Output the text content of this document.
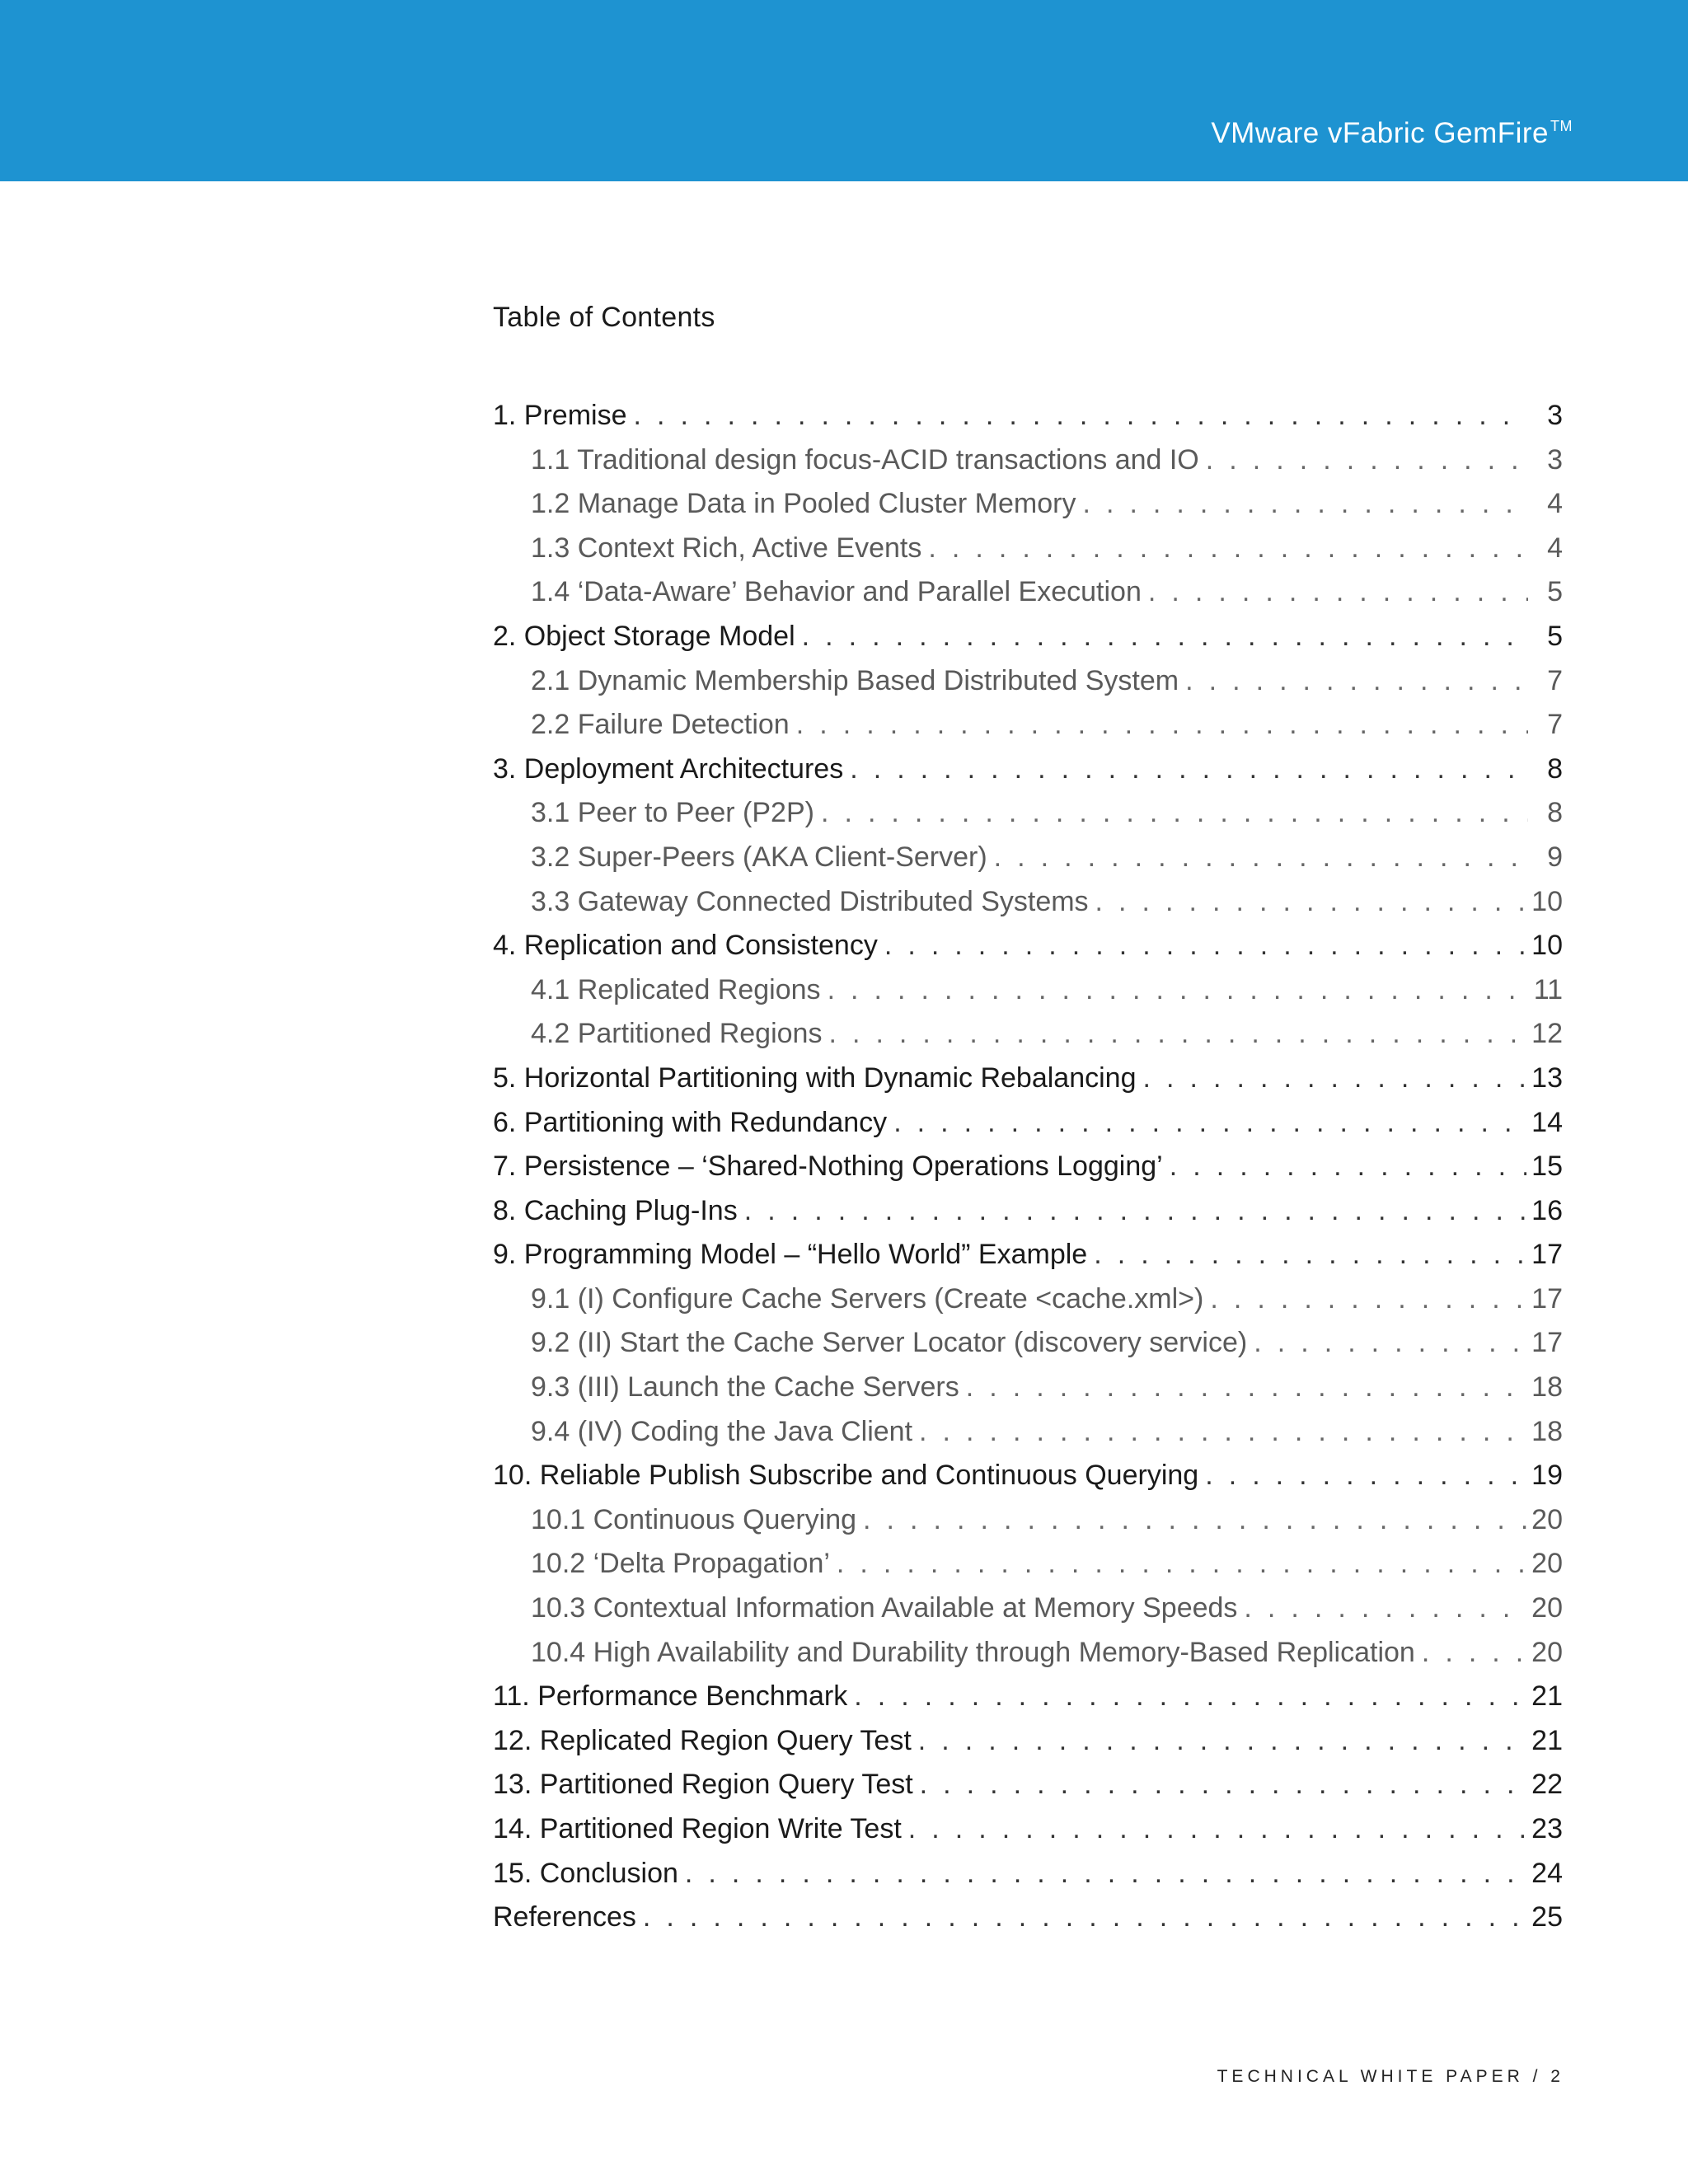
VMware vFabric GemFire ™
Table of Contents
1. Premise . . .	3
1.1 Traditional design focus-ACID transactions and IO . . .	3
1.2 Manage Data in Pooled Cluster Memory . . .	4
1.3 Context Rich, Active Events . . .	4
1.4 ‘Data-Aware’ Behavior and Parallel Execution . . .	5
2. Object Storage Model . . .	5
2.1 Dynamic Membership Based Distributed System . . .	7
2.2 Failure Detection . . .	7
3. Deployment Architectures . . .	8
3.1 Peer to Peer (P2P) . . .	8
3.2 Super-Peers (AKA Client-Server) . . .	9
3.3 Gateway Connected Distributed Systems . . .	10
4. Replication and Consistency . . .	10
4.1 Replicated Regions . . .	11
4.2 Partitioned Regions . . .	12
5. Horizontal Partitioning with Dynamic Rebalancing . . .	13
6. Partitioning with Redundancy . . .	14
7. Persistence – ‘Shared-Nothing Operations Logging’ . . .	15
8. Caching Plug-Ins . . .	16
9. Programming Model – “Hello World” Example . . .	17
9.1 (I) Configure Cache Servers (Create <cache.xml>) . . .	17
9.2 (II) Start the Cache Server Locator (discovery service) . . .	17
9.3 (III) Launch the Cache Servers . . .	18
9.4 (IV) Coding the Java Client . . .	18
10. Reliable Publish Subscribe and Continuous Querying . . .	19
10.1 Continuous Querying . . .	20
10.2 ‘Delta Propagation’ . . .	20
10.3 Contextual Information Available at Memory Speeds . . .	20
10.4 High Availability and Durability through Memory-Based Replication . . .	20
11. Performance Benchmark . . .	21
12. Replicated Region Query Test . . .	21
13. Partitioned Region Query Test . . .	22
14. Partitioned Region Write Test . . .	23
15. Conclusion . . .	24
References . . .	25
TECHNICAL WHITE PAPER / 2
